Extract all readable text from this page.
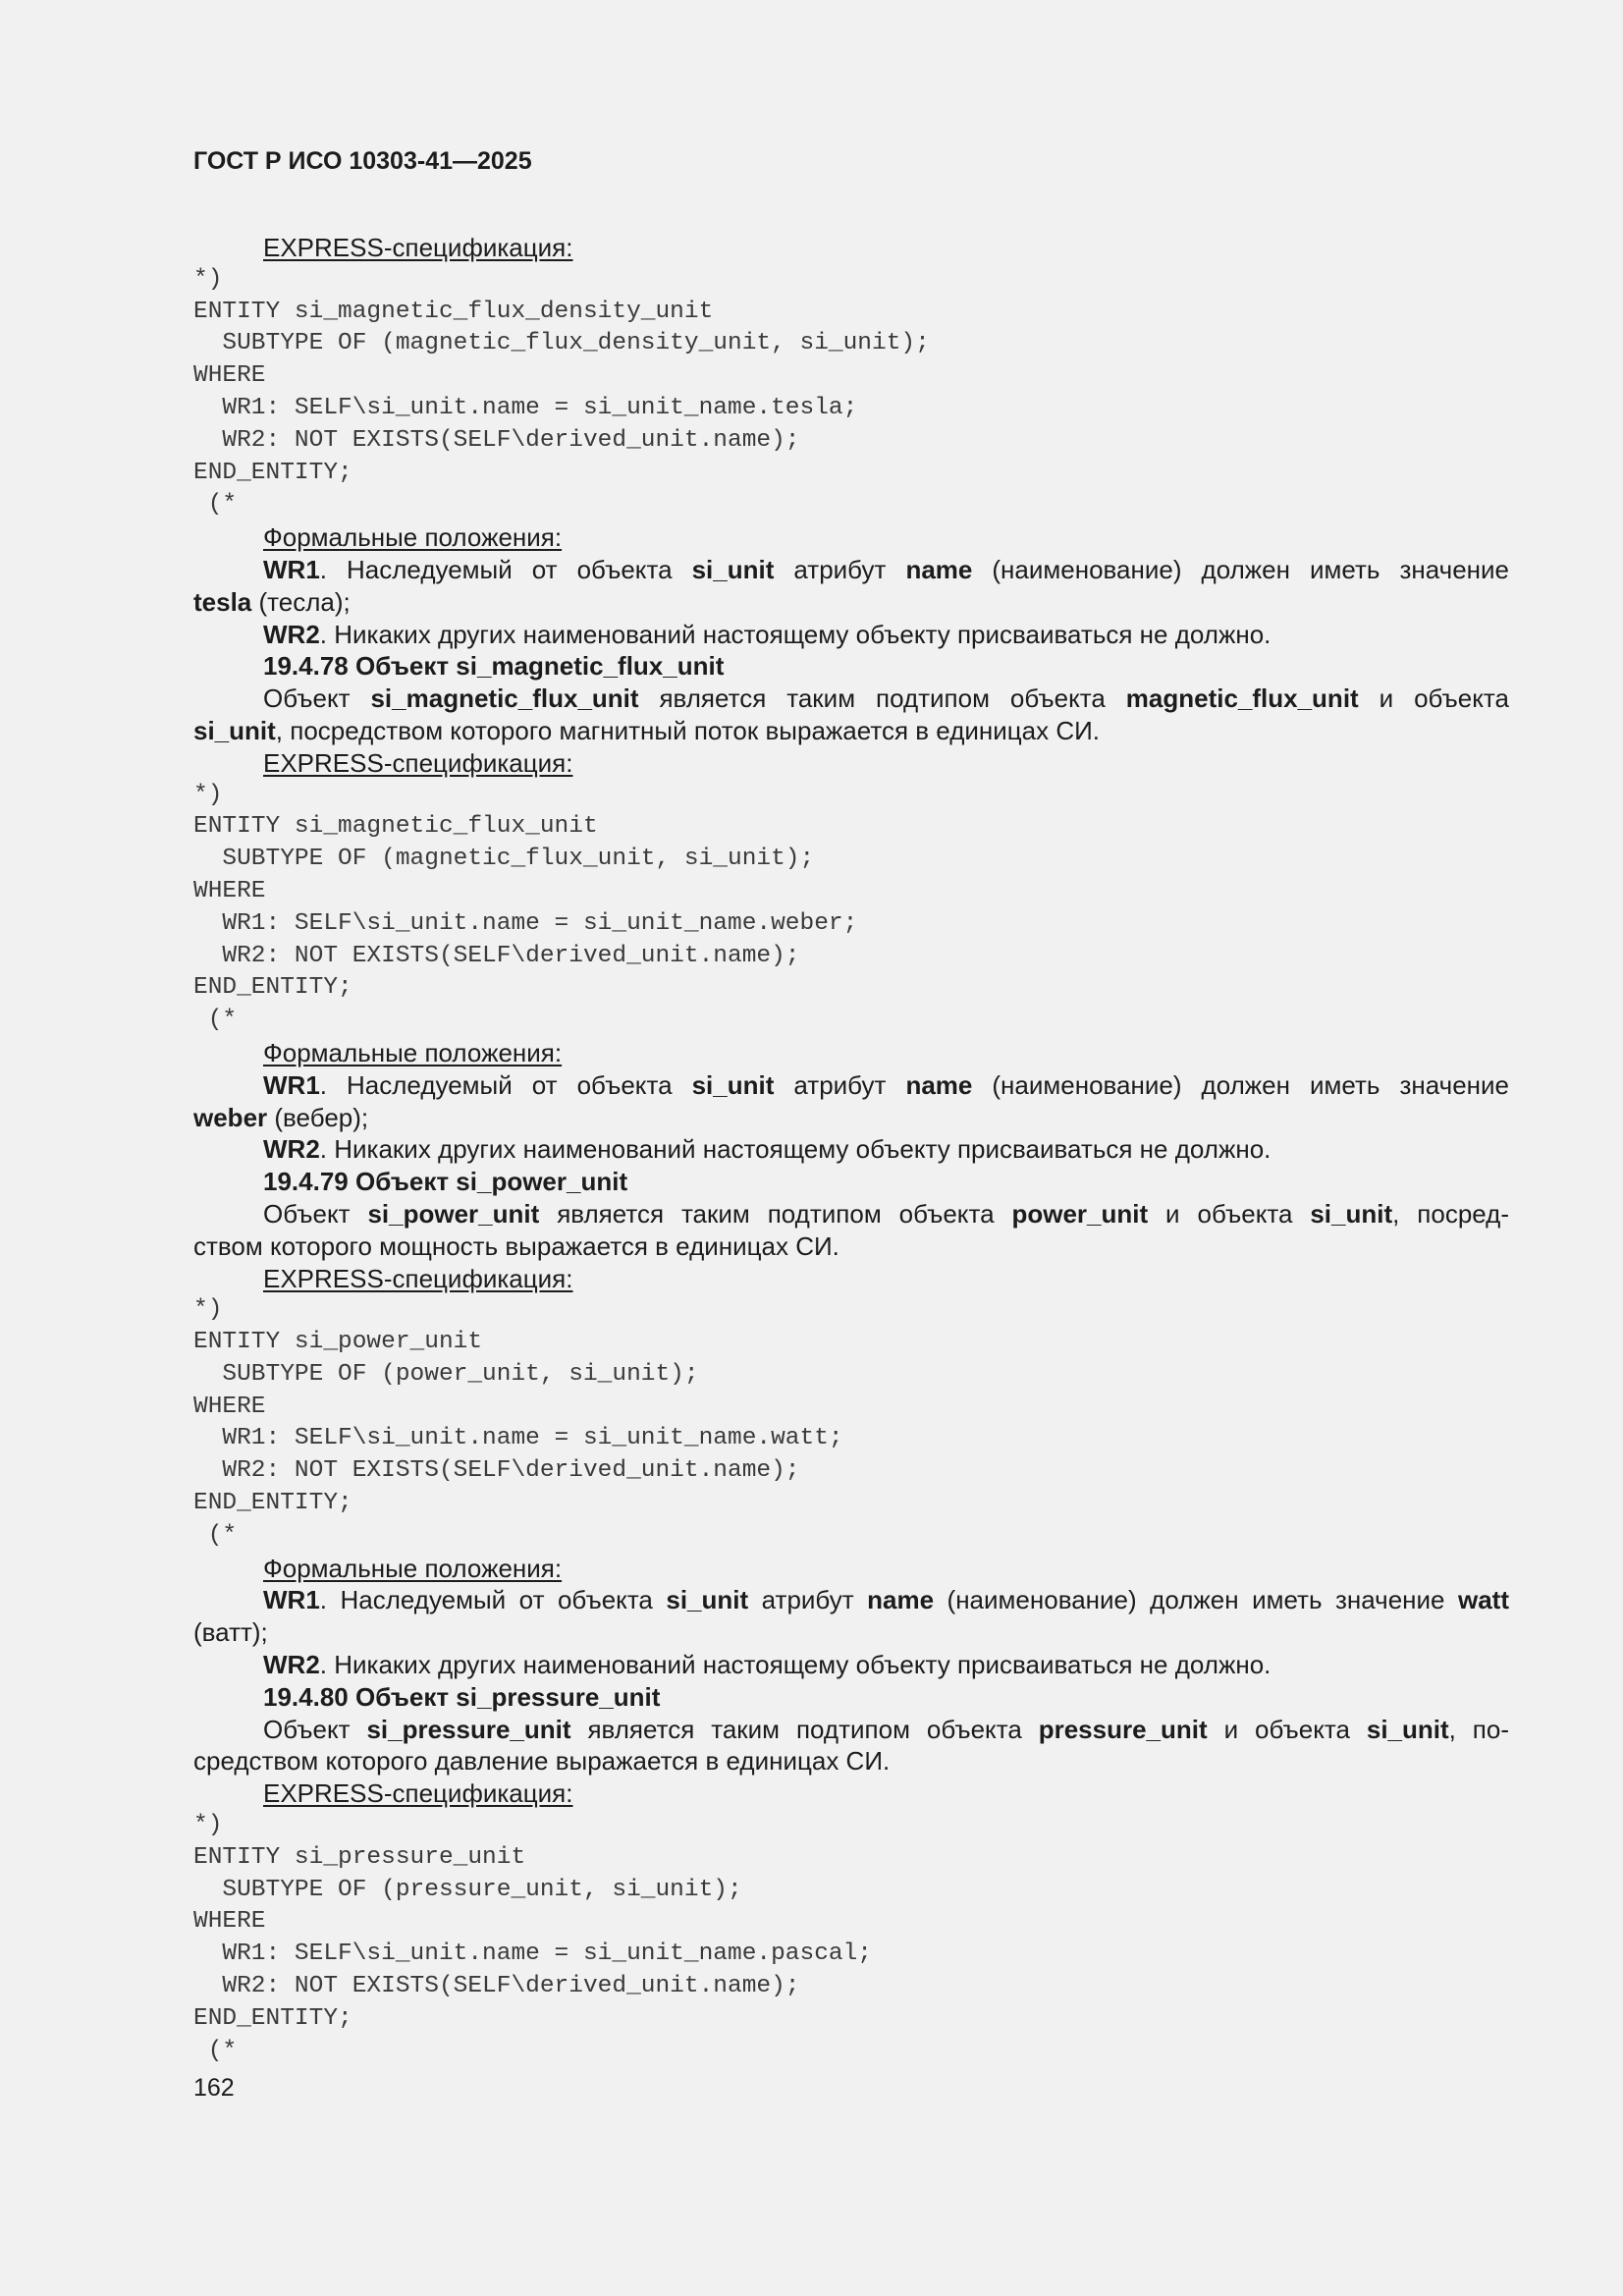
ГОСТ Р ИСО 10303-41—2025
EXPRESS-спецификация:
*)
ENTITY si_magnetic_flux_density_unit
SUBTYPE OF (magnetic_flux_density_unit, si_unit);
WHERE
WR1: SELF\si_unit.name = si_unit_name.tesla;
WR2: NOT EXISTS(SELF\derived_unit.name);
END_ENTITY;
(*
Формальные положения:
WR1. Наследуемый от объекта si_unit атрибут name (наименование) должен иметь значение
tesla (тесла);
WR2. Никаких других наименований настоящему объекту присваиваться не должно.
19.4.78 Объект si_magnetic_flux_unit
Объект si_magnetic_flux_unit является таким подтипом объекта magnetic_flux_unit и объекта
si_unit, посредством которого магнитный поток выражается в единицах СИ.
EXPRESS-спецификация:
*)
ENTITY si_magnetic_flux_unit
SUBTYPE OF (magnetic_flux_unit, si_unit);
WHERE
WR1: SELF\si_unit.name = si_unit_name.weber;
WR2: NOT EXISTS(SELF\derived_unit.name);
END_ENTITY;
(*
Формальные положения:
WR1. Наследуемый от объекта si_unit атрибут name (наименование) должен иметь значение
weber (вебер);
WR2. Никаких других наименований настоящему объекту присваиваться не должно.
19.4.79 Объект si_power_unit
Объект si_power_unit является таким подтипом объекта power_unit и объекта si_unit, посред-
ством которого мощность выражается в единицах СИ.
EXPRESS-спецификация:
*)
ENTITY si_power_unit
SUBTYPE OF (power_unit, si_unit);
WHERE
WR1: SELF\si_unit.name = si_unit_name.watt;
WR2: NOT EXISTS(SELF\derived_unit.name);
END_ENTITY;
(*
Формальные положения:
WR1. Наследуемый от объекта si_unit атрибут name (наименование) должен иметь значение watt
(ватт);
WR2. Никаких других наименований настоящему объекту присваиваться не должно.
19.4.80 Объект si_pressure_unit
Объект si_pressure_unit является таким подтипом объекта pressure_unit и объекта si_unit, по-
средством которого давление выражается в единицах СИ.
EXPRESS-спецификация:
*)
ENTITY si_pressure_unit
SUBTYPE OF (pressure_unit, si_unit);
WHERE
WR1: SELF\si_unit.name = si_unit_name.pascal;
WR2: NOT EXISTS(SELF\derived_unit.name);
END_ENTITY;
(*
162
